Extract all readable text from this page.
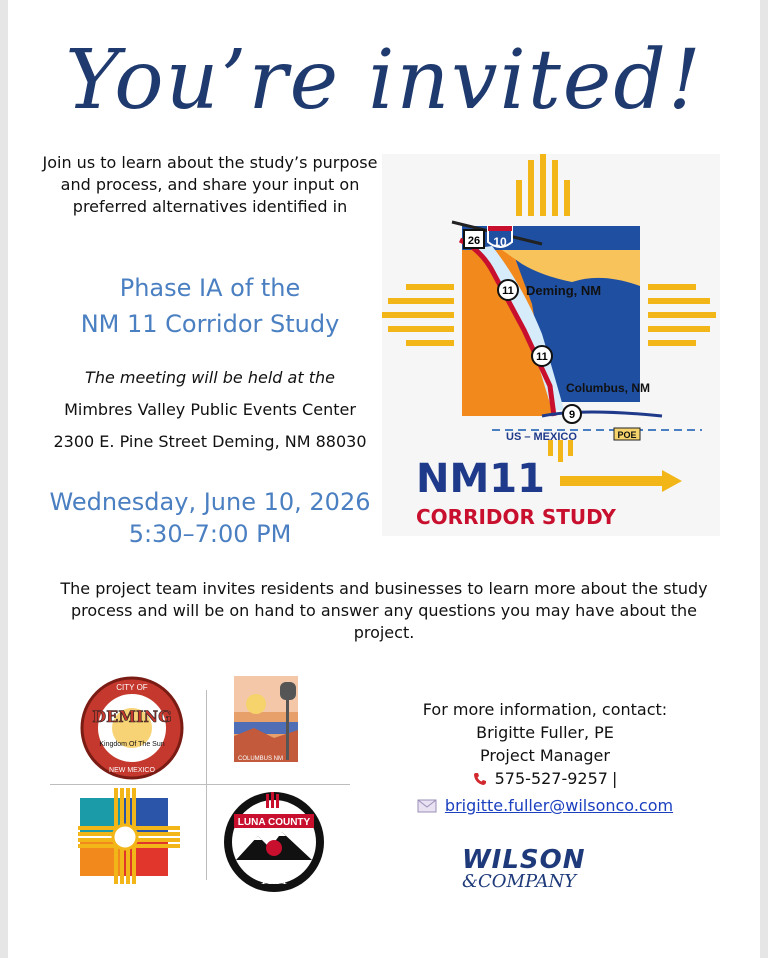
You’re invited!
Join us to learn about the study’s purpose and process, and share your input on preferred alternatives identified in
Phase IA of the
NM 11 Corridor Study
The meeting will be held at the
Mimbres Valley Public Events Center
2300 E. Pine Street Deming, NM 88030
Wednesday, June 10, 2026
5:30–7:00 PM
26 10
11 Deming, NM
11
Columbus, NM
9
US – MEXICO	POE
NM11
CORRIDOR STUDY
The project team invites residents and businesses to learn more about the study process and will be on hand to answer any questions you may have about the project.
CITY OF
DEMING
Kingdom Of The Sun
NEW MEXICO
COLUMBUS NM
LUNA COUNTY
1901
For more information, contact:
Brigitte Fuller, PE
Project Manager
575-527-9257 |
brigitte.fuller@wilsonco.com
WILSON
&COMPANY
